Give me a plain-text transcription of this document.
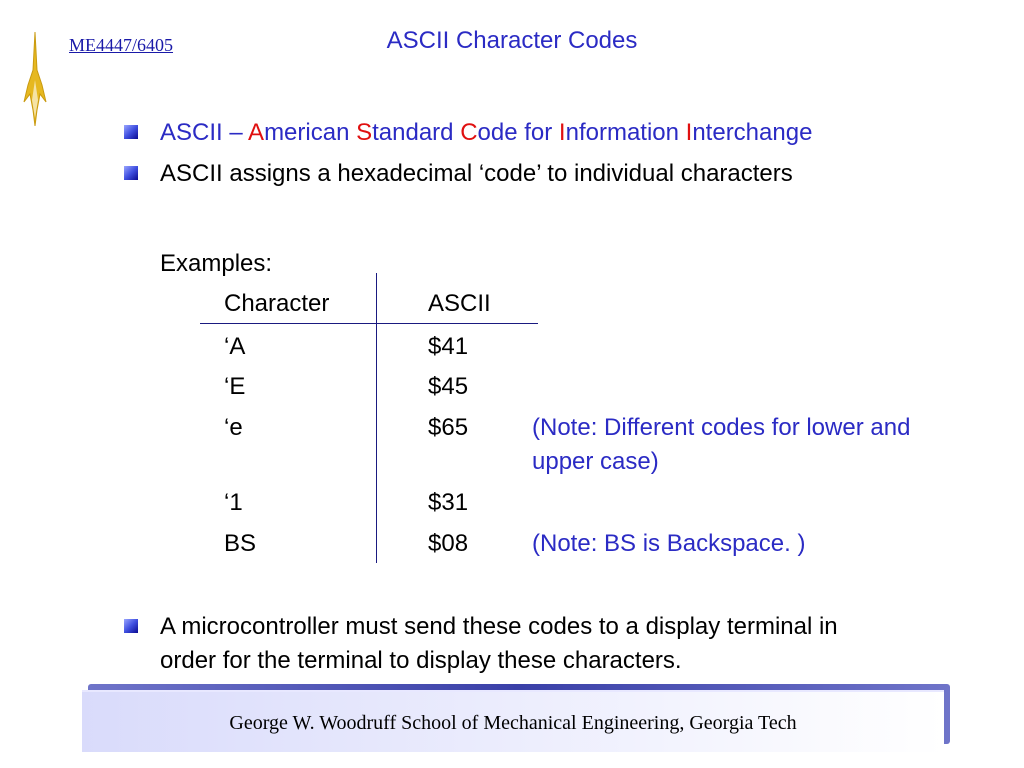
ME4447/6405	ASCII Character Codes
ASCII – American Standard Code for Information Interchange
ASCII assigns a hexadecimal ‘code’ to individual characters
Examples:
Character	ASCII
‘A	$41
‘E	$45
‘e	$65	(Note: Different codes for lower and upper case)
‘1	$31
BS	$08	(Note: BS is Backspace. )
A microcontroller must send these codes to a display terminal in
order for the terminal to display these characters.
George W. Woodruff School of Mechanical Engineering, Georgia Tech
